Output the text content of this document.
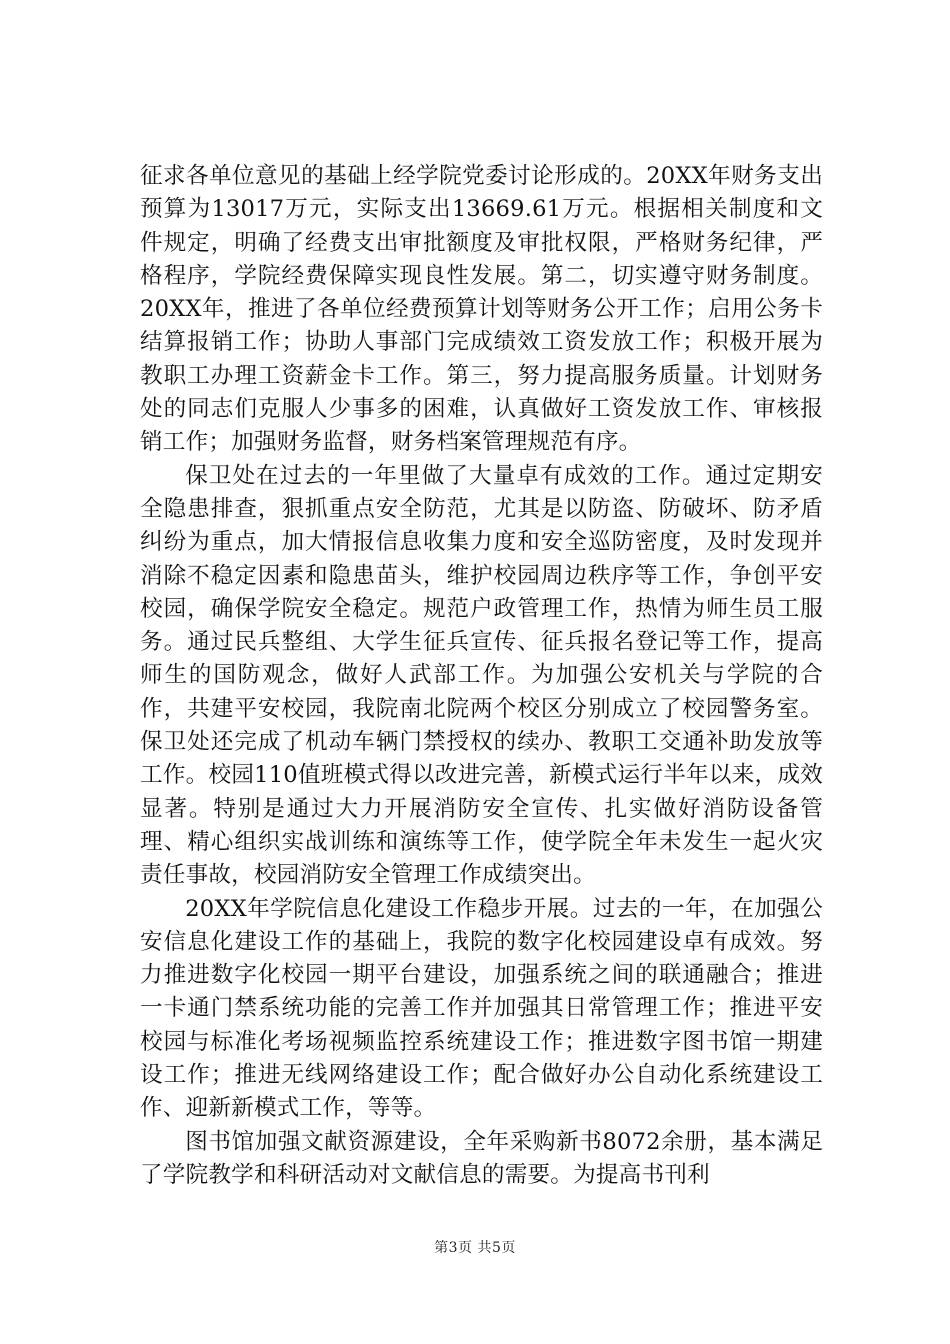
征求各单位意见的基础上经学院党委讨论形成的。20XX年财务支出预算为13017万元，实际支出13669.61万元。根据相关制度和文件规定，明确了经费支出审批额度及审批权限，严格财务纪律，严格程序，学院经费保障实现良性发展。第二，切实遵守财务制度。20XX年，推进了各单位经费预算计划等财务公开工作；启用公务卡结算报销工作；协助人事部门完成绩效工资发放工作；积极开展为教职工办理工资薪金卡工作。第三，努力提高服务质量。计划财务处的同志们克服人少事多的困难，认真做好工资发放工作、审核报销工作；加强财务监督，财务档案管理规范有序。

保卫处在过去的一年里做了大量卓有成效的工作。通过定期安全隐患排查，狠抓重点安全防范，尤其是以防盗、防破坏、防矛盾纠纷为重点，加大情报信息收集力度和安全巡防密度，及时发现并消除不稳定因素和隐患苗头，维护校园周边秩序等工作，争创平安校园，确保学院安全稳定。规范户政管理工作，热情为师生员工服务。通过民兵整组、大学生征兵宣传、征兵报名登记等工作，提高师生的国防观念，做好人武部工作。为加强公安机关与学院的合作，共建平安校园，我院南北院两个校区分别成立了校园警务室。保卫处还完成了机动车辆门禁授权的续办、教职工交通补助发放等工作。校园110值班模式得以改进完善，新模式运行半年以来，成效显著。特别是通过大力开展消防安全宣传、扎实做好消防设备管理、精心组织实战训练和演练等工作，使学院全年未发生一起火灾责任事故，校园消防安全管理工作成绩突出。

20XX年学院信息化建设工作稳步开展。过去的一年，在加强公安信息化建设工作的基础上，我院的数字化校园建设卓有成效。努力推进数字化校园一期平台建设，加强系统之间的联通融合；推进一卡通门禁系统功能的完善工作并加强其日常管理工作；推进平安校园与标准化考场视频监控系统建设工作；推进数字图书馆一期建设工作；推进无线网络建设工作；配合做好办公自动化系统建设工作、迎新新模式工作，等等。

图书馆加强文献资源建设，全年采购新书8072余册，基本满足了学院教学和科研活动对文献信息的需要。为提高书刊利

第3页 共5页
